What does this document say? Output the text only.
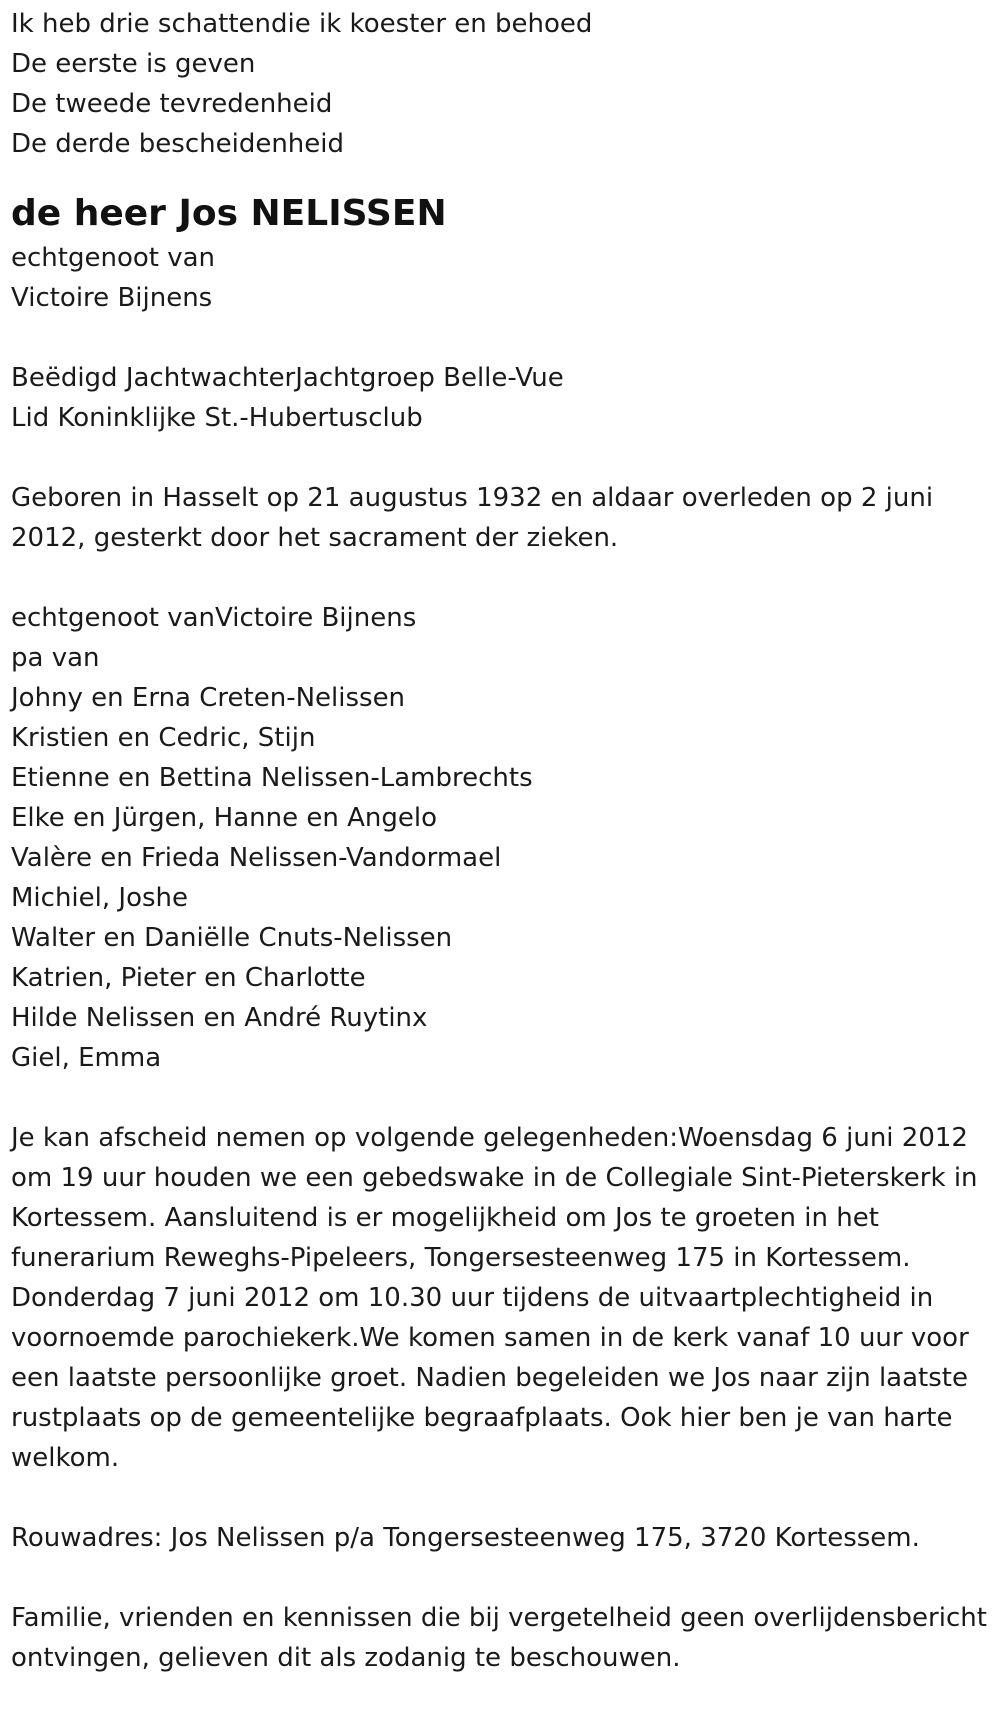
Ik heb drie schattendie ik koester en behoed
De eerste is geven
De tweede tevredenheid
De derde bescheidenheid
de heer Jos NELISSEN
echtgenoot van
Victoire Bijnens
Beëdigd JachtwachterJachtgroep Belle-Vue
Lid Koninklijke St.-Hubertusclub
Geboren in Hasselt op 21 augustus 1932 en aldaar overleden op 2 juni 2012, gesterkt door het sacrament der zieken.
echtgenoot vanVictoire Bijnens
pa van
Johny en Erna Creten-Nelissen
Kristien en Cedric, Stijn
Etienne en Bettina Nelissen-Lambrechts
Elke en Jürgen, Hanne en Angelo
Valère en Frieda Nelissen-Vandormael
Michiel, Joshe
Walter en Daniëlle Cnuts-Nelissen
Katrien, Pieter en Charlotte
Hilde Nelissen en André Ruytinx
Giel, Emma
Je kan afscheid nemen op volgende gelegenheden:Woensdag 6 juni 2012 om 19 uur houden we een gebedswake in de Collegiale Sint-Pieterskerk in Kortessem. Aansluitend is er mogelijkheid om Jos te groeten in het funerarium Reweghs-Pipeleers, Tongersesteenweg 175 in Kortessem. Donderdag 7 juni 2012 om 10.30 uur tijdens de uitvaartplechtigheid in voornoemde parochiekerk.We komen samen in de kerk vanaf 10 uur voor een laatste persoonlijke groet. Nadien begeleiden we Jos naar zijn laatste rustplaats op de gemeentelijke begraafplaats. Ook hier ben je van harte welkom.
Rouwadres: Jos Nelissen p/a Tongersesteenweg 175, 3720 Kortessem.
Familie, vrienden en kennissen die bij vergetelheid geen overlijdensbericht ontvingen, gelieven dit als zodanig te beschouwen.
